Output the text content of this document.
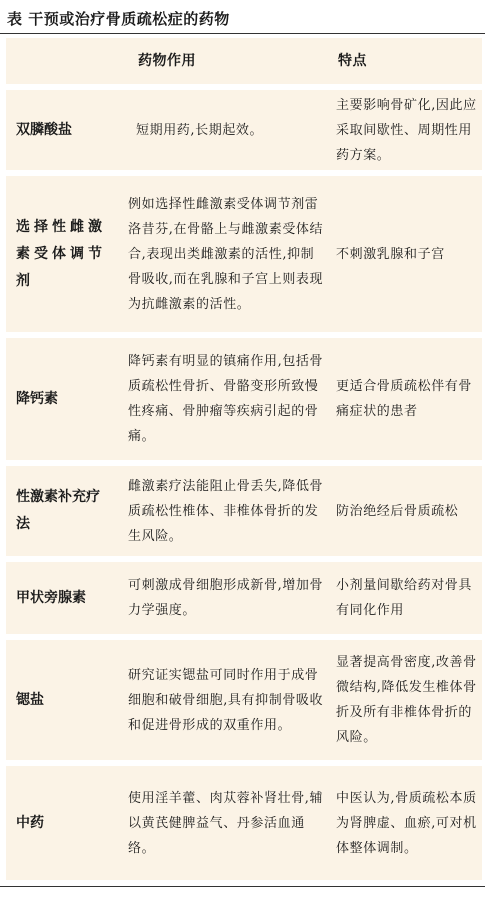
表 干预或治疗骨质疏松症的药物
药物作用	特点
双膦酸盐	短期用药,长期起效。
主要影响骨矿化,因此应采取间歇性、周期性用药方案。
选择性雌激素受体调节剂
例如选择性雌激素受体调节剂雷洛昔芬,在骨骼上与雌激素受体结合,表现出类雌激素的活性,抑制骨吸收,而在乳腺和子宫上则表现为抗雌激素的活性。
不刺激乳腺和子宫
降钙素
降钙素有明显的镇痛作用,包括骨质疏松性骨折、骨骼变形所致慢性疼痛、骨肿瘤等疾病引起的骨痛。
更适合骨质疏松伴有骨痛症状的患者
性激素补充疗法
雌激素疗法能阻止骨丢失,降低骨质疏松性椎体、非椎体骨折的发生风险。
防治绝经后骨质疏松
甲状旁腺素
可刺激成骨细胞形成新骨,增加骨力学强度。
小剂量间歇给药对骨具有同化作用
锶盐
研究证实锶盐可同时作用于成骨细胞和破骨细胞,具有抑制骨吸收和促进骨形成的双重作用。
显著提高骨密度,改善骨微结构,降低发生椎体骨折及所有非椎体骨折的风险。
中药
使用淫羊藿、肉苁蓉补肾壮骨,辅以黄芪健脾益气、丹参活血通络。
中医认为,骨质疏松本质为肾脾虚、血瘀,可对机体整体调制。
